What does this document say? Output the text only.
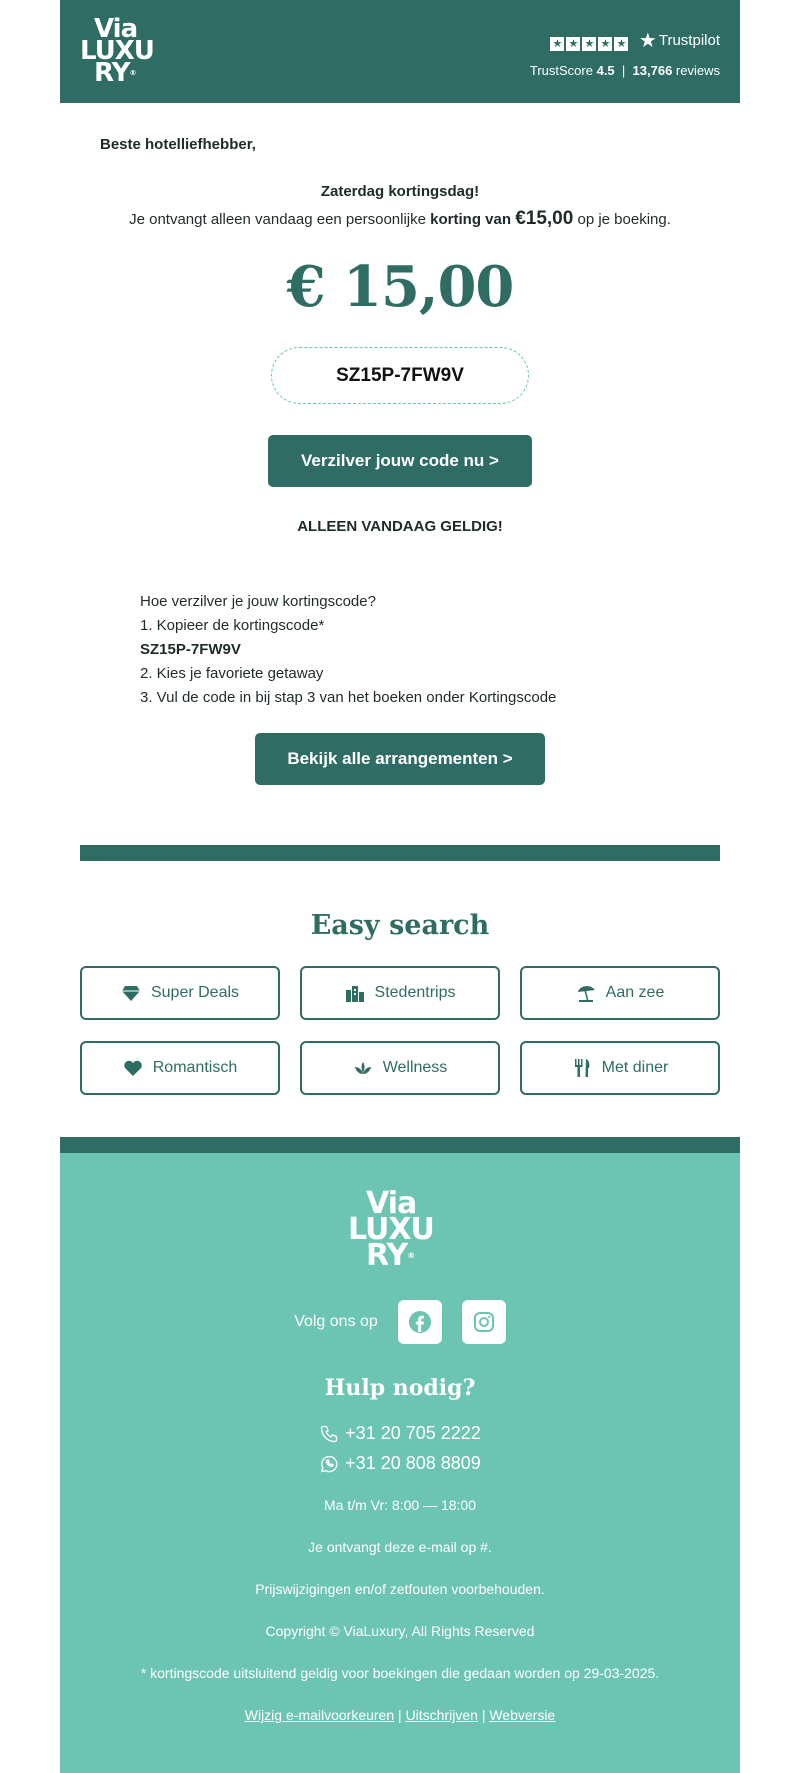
Via
LUXU
RY®
★ ★ ★ ★ ★
★ Trustpilot
TrustScore 4.5 | 13,766 reviews
Beste hotelliefhebber,
Zaterdag kortingsdag!
Je ontvangt alleen vandaag een persoonlijke korting van €15,00 op je boeking.
€ 15,00
SZ15P-7FW9V
Verzilver jouw code nu >
ALLEEN VANDAAG GELDIG!
Hoe verzilver je jouw kortingscode?
1. Kopieer de kortingscode*
SZ15P-7FW9V
2. Kies je favoriete getaway
3. Vul de code in bij stap 3 van het boeken onder Kortingscode
Bekijk alle arrangementen >
Easy search
Super Deals	Stedentrips	Aan zee
Romantisch	Wellness	Met diner
Via
LUXU
RY®
Volg ons op
Hulp nodig?
+31 20 705 2222
+31 20 808 8809
Ma t/m Vr: 8:00 — 18:00
Je ontvangt deze e-mail op #.
Prijswijzigingen en/of zetfouten voorbehouden.
Copyright © ViaLuxury, All Rights Reserved
* kortingscode uitsluitend geldig voor boekingen die gedaan worden op 29-03-2025.
Wijzig e-mailvoorkeuren | Uitschrijven | Webversie
